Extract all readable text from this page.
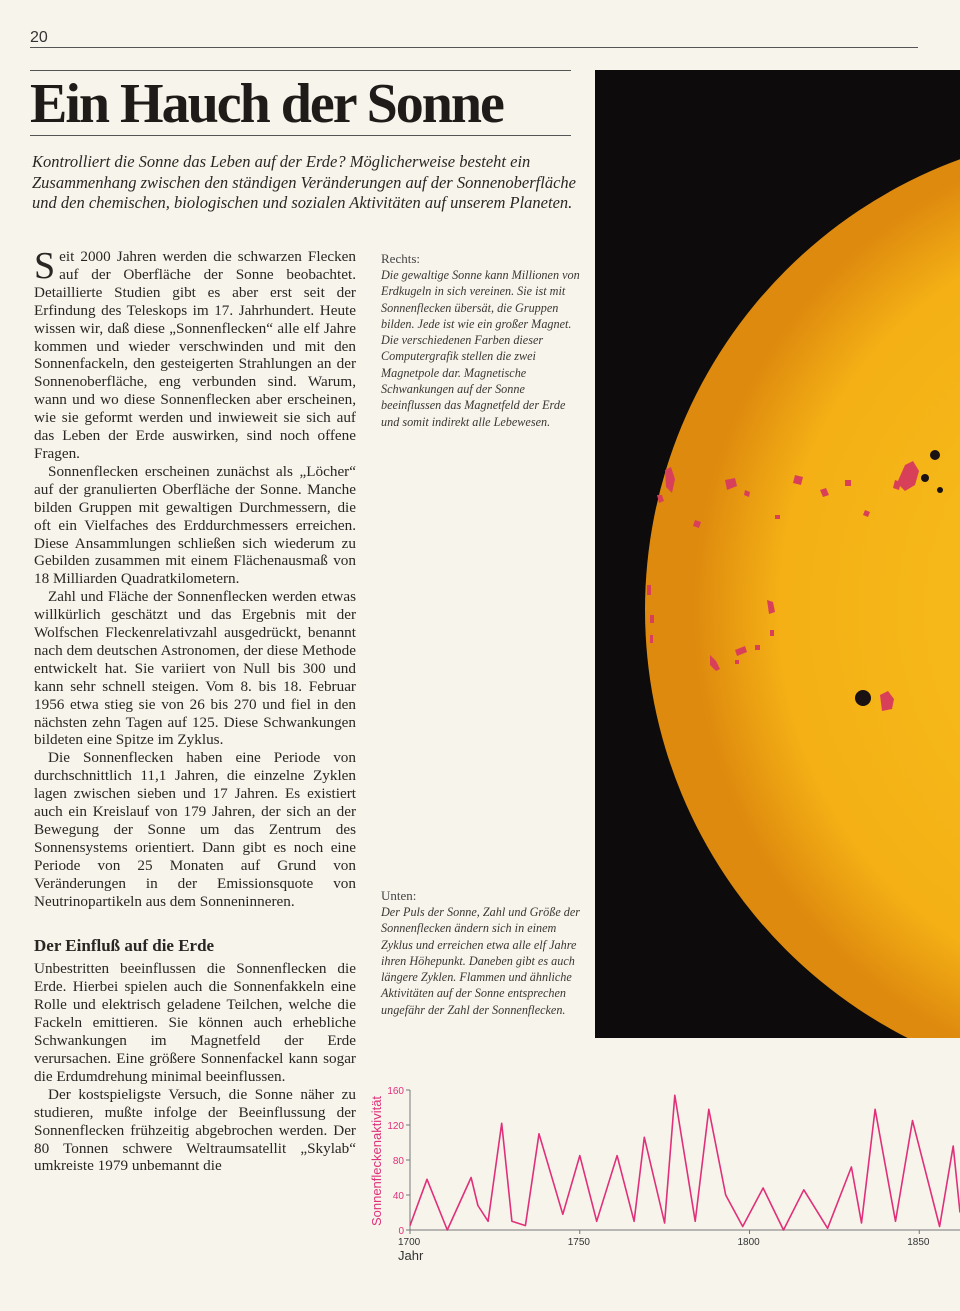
20
Ein Hauch der Sonne
Kontrolliert die Sonne das Leben auf der Erde? Möglicherweise besteht ein Zusammenhang zwischen den ständigen Veränderungen auf der Sonnenoberfläche und den chemischen, biologischen und sozialen Aktivitäten auf unserem Planeten.

Seit 2000 Jahren werden die schwarzen Flecken auf der Oberfläche der Sonne beobachtet. Detaillierte Studien gibt es aber erst seit der Erfindung des Teleskops im 17. Jahrhundert. Heute wissen wir, daß diese „Sonnenflecken“ alle elf Jahre kommen und wieder verschwinden und mit den Sonnenfackeln, den gesteigerten Strahlungen an der Sonnenoberfläche, eng verbunden sind. Warum, wann und wo diese Sonnenflecken aber erscheinen, wie sie geformt werden und inwieweit sie sich auf das Leben der Erde auswirken, sind noch offene Fragen.

Sonnenflecken erscheinen zunächst als „Löcher“ auf der granulierten Oberfläche der Sonne. Manche bilden Gruppen mit gewaltigen Durchmessern, die oft ein Vielfaches des Erddurchmessers erreichen. Diese Ansammlungen schließen sich wiederum zu Gebilden zusammen mit einem Flächenausmaß von 18 Milliarden Quadratkilometern.

Zahl und Fläche der Sonnenflecken werden etwas willkürlich geschätzt und das Ergebnis mit der Wolfschen Fleckenrelativzahl ausgedrückt, benannt nach dem deutschen Astronomen, der diese Methode entwickelt hat. Sie variiert von Null bis 300 und kann sehr schnell steigen. Vom 8. bis 18. Februar 1956 etwa stieg sie von 26 bis 270 und fiel in den nächsten zehn Tagen auf 125. Diese Schwankungen bildeten eine Spitze im Zyklus.

Die Sonnenflecken haben eine Periode von durchschnittlich 11,1 Jahren, die einzelne Zyklen lagen zwischen sieben und 17 Jahren. Es existiert auch ein Kreislauf von 179 Jahren, der sich an der Bewegung der Sonne um das Zentrum des Sonnensystems orientiert. Dann gibt es noch eine Periode von 25 Monaten auf Grund von Veränderungen in der Emissionsquote von Neutrinopartikeln aus dem Sonneninneren.

Der Einfluß auf die Erde

Unbestritten beeinflussen die Sonnenflecken die Erde. Hierbei spielen auch die Sonnenfakkeln eine Rolle und elektrisch geladene Teilchen, welche die Fackeln emittieren. Sie können auch erhebliche Schwankungen im Magnetfeld der Erde verursachen. Eine größere Sonnenfackel kann sogar die Erdumdrehung minimal beeinflussen.

Der kostspieligste Versuch, die Sonne näher zu studieren, mußte infolge der Beeinflussung der Sonnenflecken frühzeitig abgebrochen werden. Der 80 Tonnen schwere Weltraumsatellit „Skylab“ umkreiste 1979 unbemannt die

Rechts:
Die gewaltige Sonne kann Millionen von Erdkugeln in sich vereinen. Sie ist mit Sonnenflecken übersät, die Gruppen bilden. Jede ist wie ein großer Magnet. Die verschiedenen Farben dieser Computergrafik stellen die zwei Magnetpole dar. Magnetische Schwankungen auf der Sonne beeinflussen das Magnetfeld der Erde und somit indirekt alle Lebewesen.
Unten:
Der Puls der Sonne, Zahl und Größe der Sonnenflecken ändern sich in einem Zyklus und erreichen etwa alle elf Jahre ihren Höhepunkt. Daneben gibt es auch längere Zyklen. Flammen und ähnliche Aktivitäten auf der Sonne entsprechen ungefähr der Zahl der Sonnenflecken.
0
40
80
120
160
1700	1750	1800	1850
Sonnenfleckenaktivität
Jahr
